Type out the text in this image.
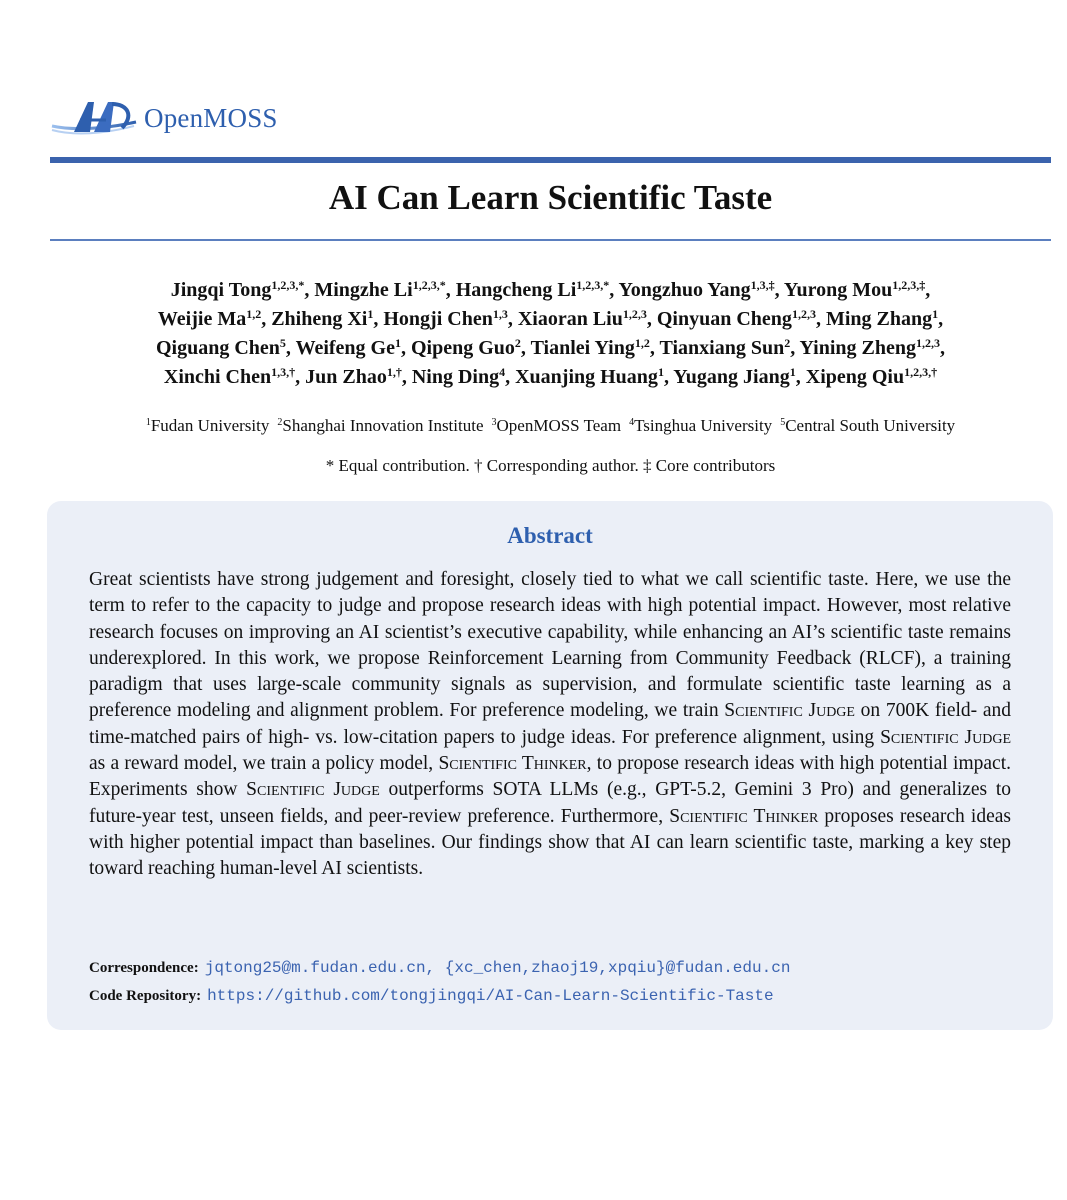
OpenMOSS
AI Can Learn Scientific Taste
Jingqi Tong$^{1,2,3,*}$, Mingzhe $Li^{1,2,3,*}$, Hangcheng $Li^{1,2,3,*}$, Yongzhuo Yang$^{1,3,\ddagger}$, Yurong Mou$^{1,2,3,\ddagger}$,
Weijie Ma$^{1,2}$, Zhiheng Xi$^1$, Hongji Chen$^{1,3}$, Xiaoran Liu$^{1,2,3}$, Qinyuan Cheng$^{1,2,3}$, Ming Zhang$^1$,
Qiguang Chen$^5$, Weifeng Ge$^1$, Qipeng Guo$^2$, Tianlei Ying$^{1,2}$, Tianxiang Sun$^2$, Yining Zheng$^{1,2,3}$,
Xinchi Chen$^{1,3,\dagger}$, Jun Zhao$^{1,\dagger}$, Ning Ding$^4$, Xuanjing Huang$^1$, Yugang Jiang$^1$, Xipeng Qiu$^{1,2,3,\dagger}$
$^1$Fudan University $^2$Shanghai Innovation Institute $^3$OpenMOSS Team $^4$Tsinghua University $^5$Central South University
* Equal contribution. † Corresponding author. ‡ Core contributors
Abstract

Great scientists have strong judgement and foresight, closely tied to what we call scientific taste. Here, we use the term to refer to the capacity to judge and propose research ideas with high potential impact. However, most relative research focuses on improving an AI scientist’s executive capability, while enhancing an AI’s scientific taste remains underexplored. In this work, we propose Reinforcement Learning from Community Feedback (RLCF), a training paradigm that uses large-scale community signals as supervision, and formulate scientific taste learning as a preference modeling and alignment problem. For preference modeling, we train Scientific Judge on 700K field- and time-matched pairs of high- vs. low-citation papers to judge ideas. For preference alignment, using Scientific Judge as a reward model, we train a policy model, Scientific Thinker, to propose research ideas with high potential impact. Experiments show Scientific Judge outperforms SOTA LLMs (e.g., GPT-5.2, Gemini 3 Pro) and generalizes to future-year test, unseen fields, and peer-review preference. Furthermore, Scientific Thinker proposes research ideas with higher potential impact than baselines. Our findings show that AI can learn scientific taste, marking a key step toward reaching human-level AI scientists.

Correspondence: jqtong25@m.fudan.edu.cn, {xc_chen,zhaoj19,xpqiu}@fudan.edu.cn
Code Repository: https://github.com/tongjingqi/AI-Can-Learn-Scientific-Taste
